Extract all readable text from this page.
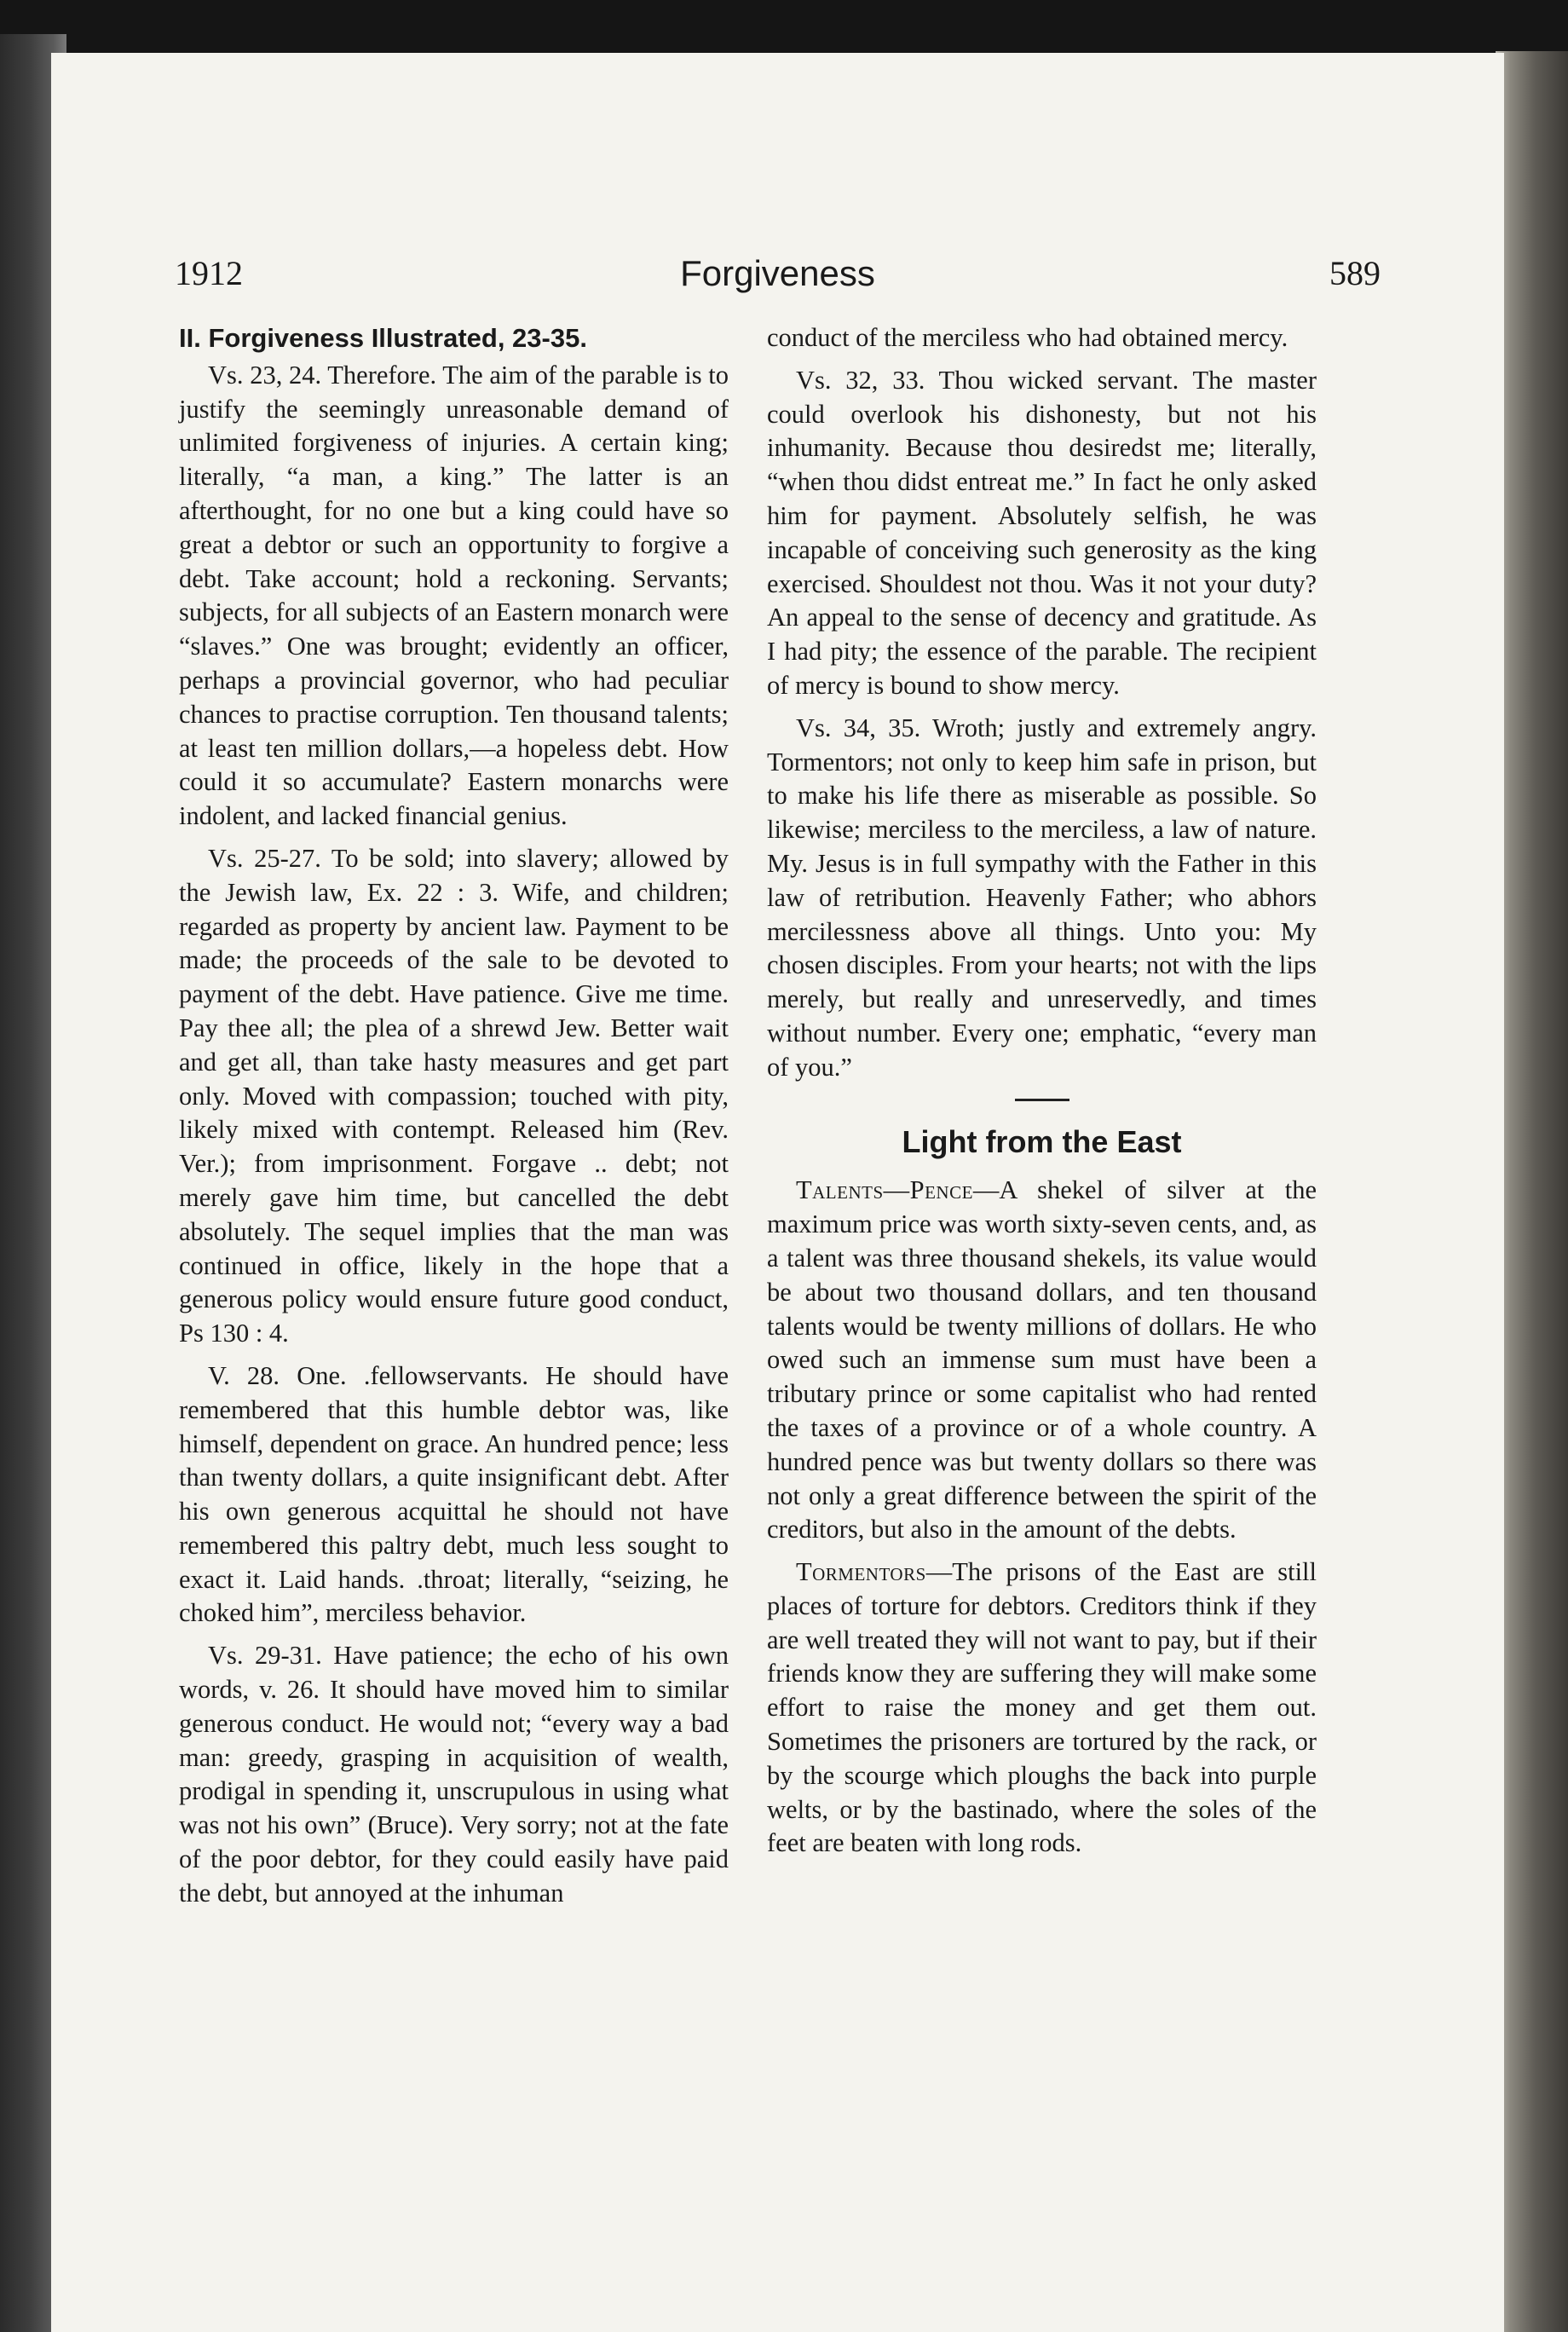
1912	Forgiveness	589
II. Forgiveness Illustrated, 23-35.

Vs. 23, 24. Therefore. The aim of the parable is to justify the seemingly unreasonable demand of unlimited forgiveness of injuries. A certain king; literally, “a man, a king.” The latter is an afterthought, for no one but a king could have so great a debtor or such an opportunity to forgive a debt. Take account; hold a reckoning. Servants; subjects, for all subjects of an Eastern monarch were “slaves.” One was brought; evidently an officer, perhaps a provincial governor, who had peculiar chances to practise corruption. Ten thousand talents; at least ten million dollars,—a hopeless debt. How could it so accumulate? Eastern monarchs were indolent, and lacked financial genius.

Vs. 25-27. To be sold; into slavery; allowed by the Jewish law, Ex. 22 : 3. Wife, and children; regarded as property by ancient law. Payment to be made; the proceeds of the sale to be devoted to payment of the debt. Have patience. Give me time. Pay thee all; the plea of a shrewd Jew. Better wait and get all, than take hasty measures and get part only. Moved with compassion; touched with pity, likely mixed with contempt. Released him (Rev. Ver.); from imprisonment. Forgave .. debt; not merely gave him time, but cancelled the debt absolutely. The sequel implies that the man was continued in office, likely in the hope that a generous policy would ensure future good conduct, Ps 130 : 4.

V. 28. One. .fellowservants. He should have remembered that this humble debtor was, like himself, dependent on grace. An hundred pence; less than twenty dollars, a quite insignificant debt. After his own generous acquittal he should not have remembered this paltry debt, much less sought to exact it. Laid hands. .throat; literally, “seizing, he choked him”, merciless behavior.

Vs. 29-31. Have patience; the echo of his own words, v. 26. It should have moved him to similar generous conduct. He would not; “every way a bad man: greedy, grasping in acquisition of wealth, prodigal in spending it, unscrupulous in using what was not his own” (Bruce). Very sorry; not at the fate of the poor debtor, for they could easily have paid the debt, but annoyed at the inhuman

conduct of the merciless who had obtained mercy.

Vs. 32, 33. Thou wicked servant. The master could overlook his dishonesty, but not his inhumanity. Because thou desiredst me; literally, “when thou didst entreat me.” In fact he only asked him for payment. Absolutely selfish, he was incapable of conceiving such generosity as the king exercised. Shouldest not thou. Was it not your duty? An appeal to the sense of decency and gratitude. As I had pity; the essence of the parable. The recipient of mercy is bound to show mercy.

Vs. 34, 35. Wroth; justly and extremely angry. Tormentors; not only to keep him safe in prison, but to make his life there as miserable as possible. So likewise; merciless to the merciless, a law of nature. My. Jesus is in full sympathy with the Father in this law of retribution. Heavenly Father; who abhors mercilessness above all things. Unto you: My chosen disciples. From your hearts; not with the lips merely, but really and unreservedly, and times without number. Every one; emphatic, “every man of you.”

Light from the East

Talents—Pence—A shekel of silver at the maximum price was worth sixty-seven cents, and, as a talent was three thousand shekels, its value would be about two thousand dollars, and ten thousand talents would be twenty millions of dollars. He who owed such an immense sum must have been a tributary prince or some capitalist who had rented the taxes of a province or of a whole country. A hundred pence was but twenty dollars so there was not only a great difference between the spirit of the creditors, but also in the amount of the debts.

Tormentors—The prisons of the East are still places of torture for debtors. Creditors think if they are well treated they will not want to pay, but if their friends know they are suffering they will make some effort to raise the money and get them out. Sometimes the prisoners are tortured by the rack, or by the scourge which ploughs the back into purple welts, or by the bastinado, where the soles of the feet are beaten with long rods.
